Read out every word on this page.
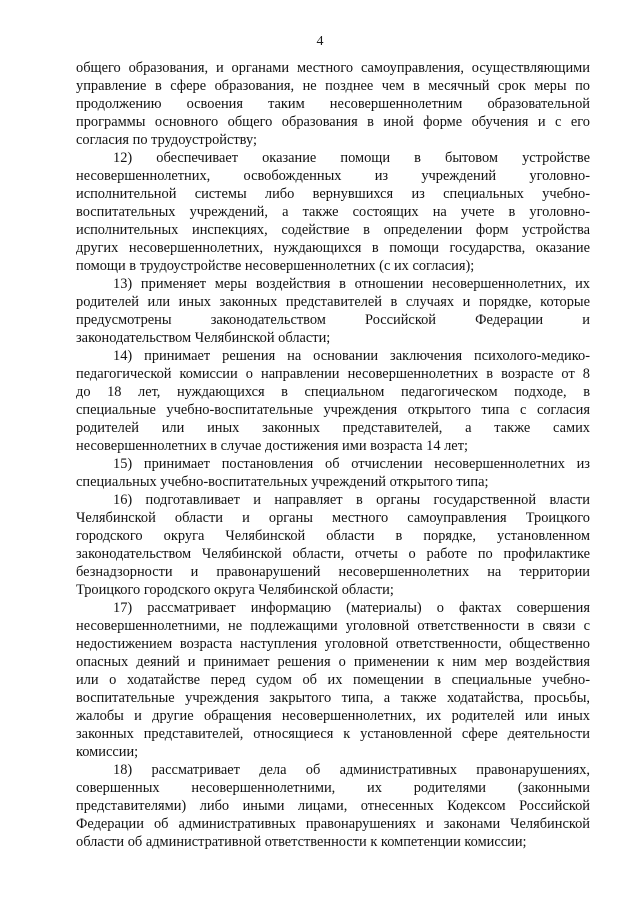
4
общего образования, и органами местного самоуправления, осуществляющими
управление в сфере образования, не позднее чем в месячный срок меры по
продолжению освоения таким несовершеннолетним образовательной
программы основного общего образования в иной форме обучения и с его
согласия по трудоустройству;
12) обеспечивает оказание помощи в бытовом устройстве
несовершеннолетних, освобожденных из учреждений уголовно-
исполнительной системы либо вернувшихся из специальных учебно-
воспитательных учреждений, а также состоящих на учете в уголовно-
исполнительных инспекциях, содействие в определении форм устройства
других несовершеннолетних, нуждающихся в помощи государства, оказание
помощи в трудоустройстве несовершеннолетних (с их согласия);
13) применяет меры воздействия в отношении несовершеннолетних, их
родителей или иных законных представителей в случаях и порядке, которые
предусмотрены законодательством Российской Федерации и
законодательством Челябинской области;
14) принимает решения на основании заключения психолого-медико-
педагогической комиссии о направлении несовершеннолетних в возрасте от 8
до 18 лет, нуждающихся в специальном педагогическом подходе, в
специальные учебно-воспитательные учреждения открытого типа с согласия
родителей или иных законных представителей, а также самих
несовершеннолетних в случае достижения ими возраста 14 лет;
15) принимает постановления об отчислении несовершеннолетних из
специальных учебно-воспитательных учреждений открытого типа;
16) подготавливает и направляет в органы государственной власти
Челябинской области и органы местного самоуправления Троицкого
городского округа Челябинской области в порядке, установленном
законодательством Челябинской области, отчеты о работе по профилактике
безнадзорности и правонарушений несовершеннолетних на территории
Троицкого городского округа Челябинской области;
17) рассматривает информацию (материалы) о фактах совершения
несовершеннолетними, не подлежащими уголовной ответственности в связи с
недостижением возраста наступления уголовной ответственности, общественно
опасных деяний и принимает решения о применении к ним мер воздействия
или о ходатайстве перед судом об их помещении в специальные учебно-
воспитательные учреждения закрытого типа, а также ходатайства, просьбы,
жалобы и другие обращения несовершеннолетних, их родителей или иных
законных представителей, относящиеся к установленной сфере деятельности
комиссии;
18) рассматривает дела об административных правонарушениях,
совершенных несовершеннолетними, их родителями (законными
представителями) либо иными лицами, отнесенных Кодексом Российской
Федерации об административных правонарушениях и законами Челябинской
области об административной ответственности к компетенции комиссии;
